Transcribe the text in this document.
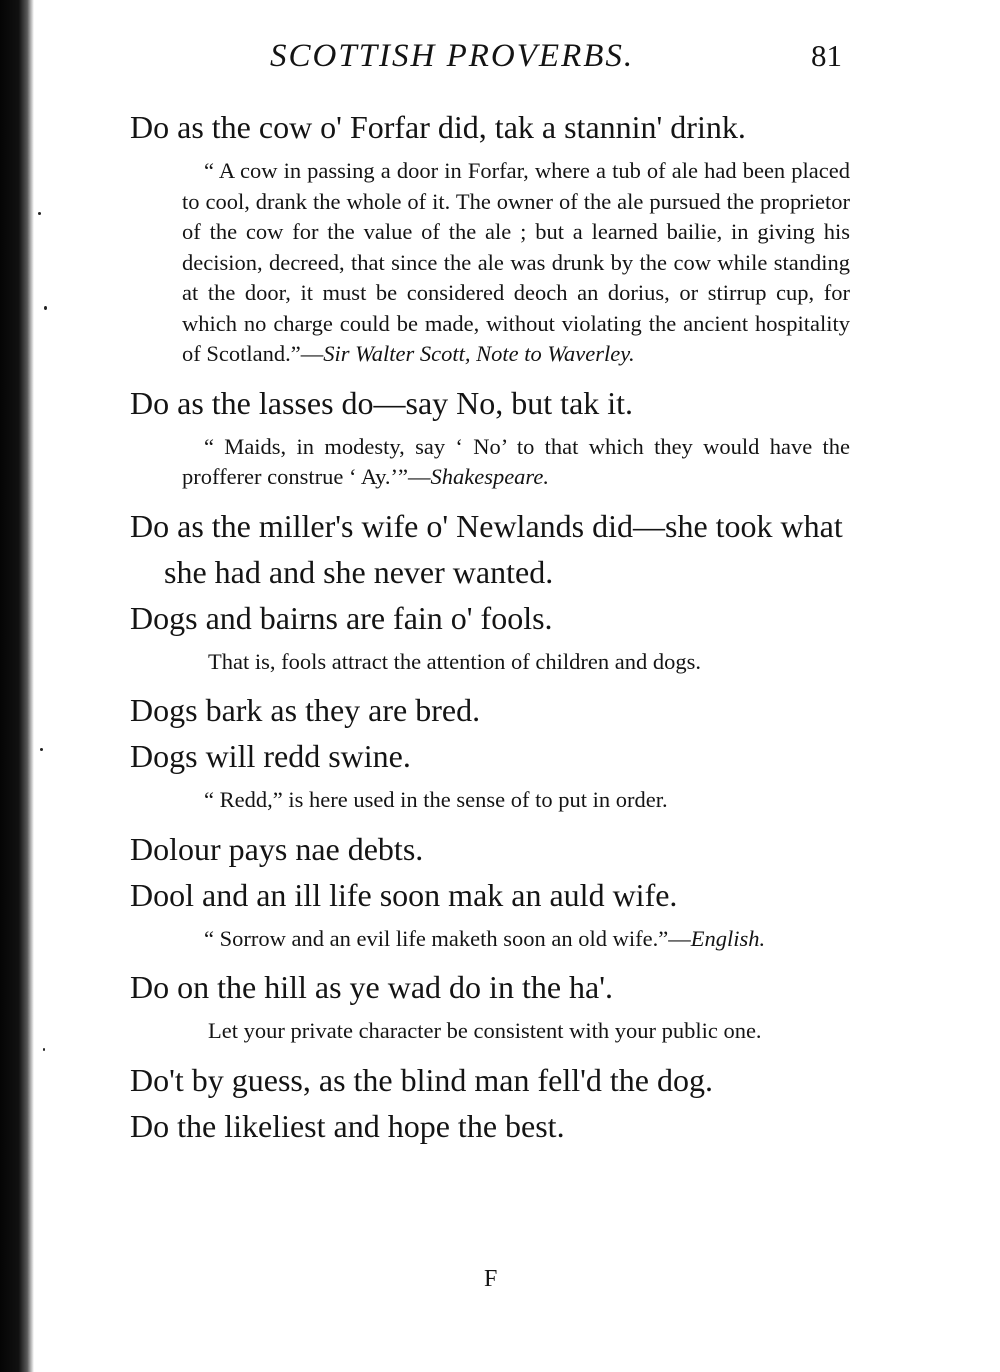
SCOTTISH PROVERBS.	81

Do as the cow o' Forfar did, tak a stannin' drink.

“ A cow in passing a door in Forfar, where a tub of ale had been placed to cool, drank the whole of it. The owner of the ale pursued the proprietor of the cow for the value of the ale ; but a learned bailie, in giving his decision, decreed, that since the ale was drunk by the cow while standing at the door, it must be considered deoch an dorius, or stirrup cup, for which no charge could be made, without violating the ancient hospitality of Scotland.”—Sir Walter Scott, Note to Waverley.

Do as the lasses do—say No, but tak it.

“ Maids, in modesty, say ‘ No’ to that which they would have the profferer construe ‘ Ay.’”—Shakespeare.

Do as the miller's wife o' Newlands did—she took what she had and she never wanted.

Dogs and bairns are fain o' fools.

That is, fools attract the attention of children and dogs.

Dogs bark as they are bred.

Dogs will redd swine.

“ Redd,” is here used in the sense of to put in order.

Dolour pays nae debts.

Dool and an ill life soon mak an auld wife.

“ Sorrow and an evil life maketh soon an old wife.”—English.

Do on the hill as ye wad do in the ha'.

Let your private character be consistent with your public one.

Do't by guess, as the blind man fell'd the dog.

Do the likeliest and hope the best.

F
